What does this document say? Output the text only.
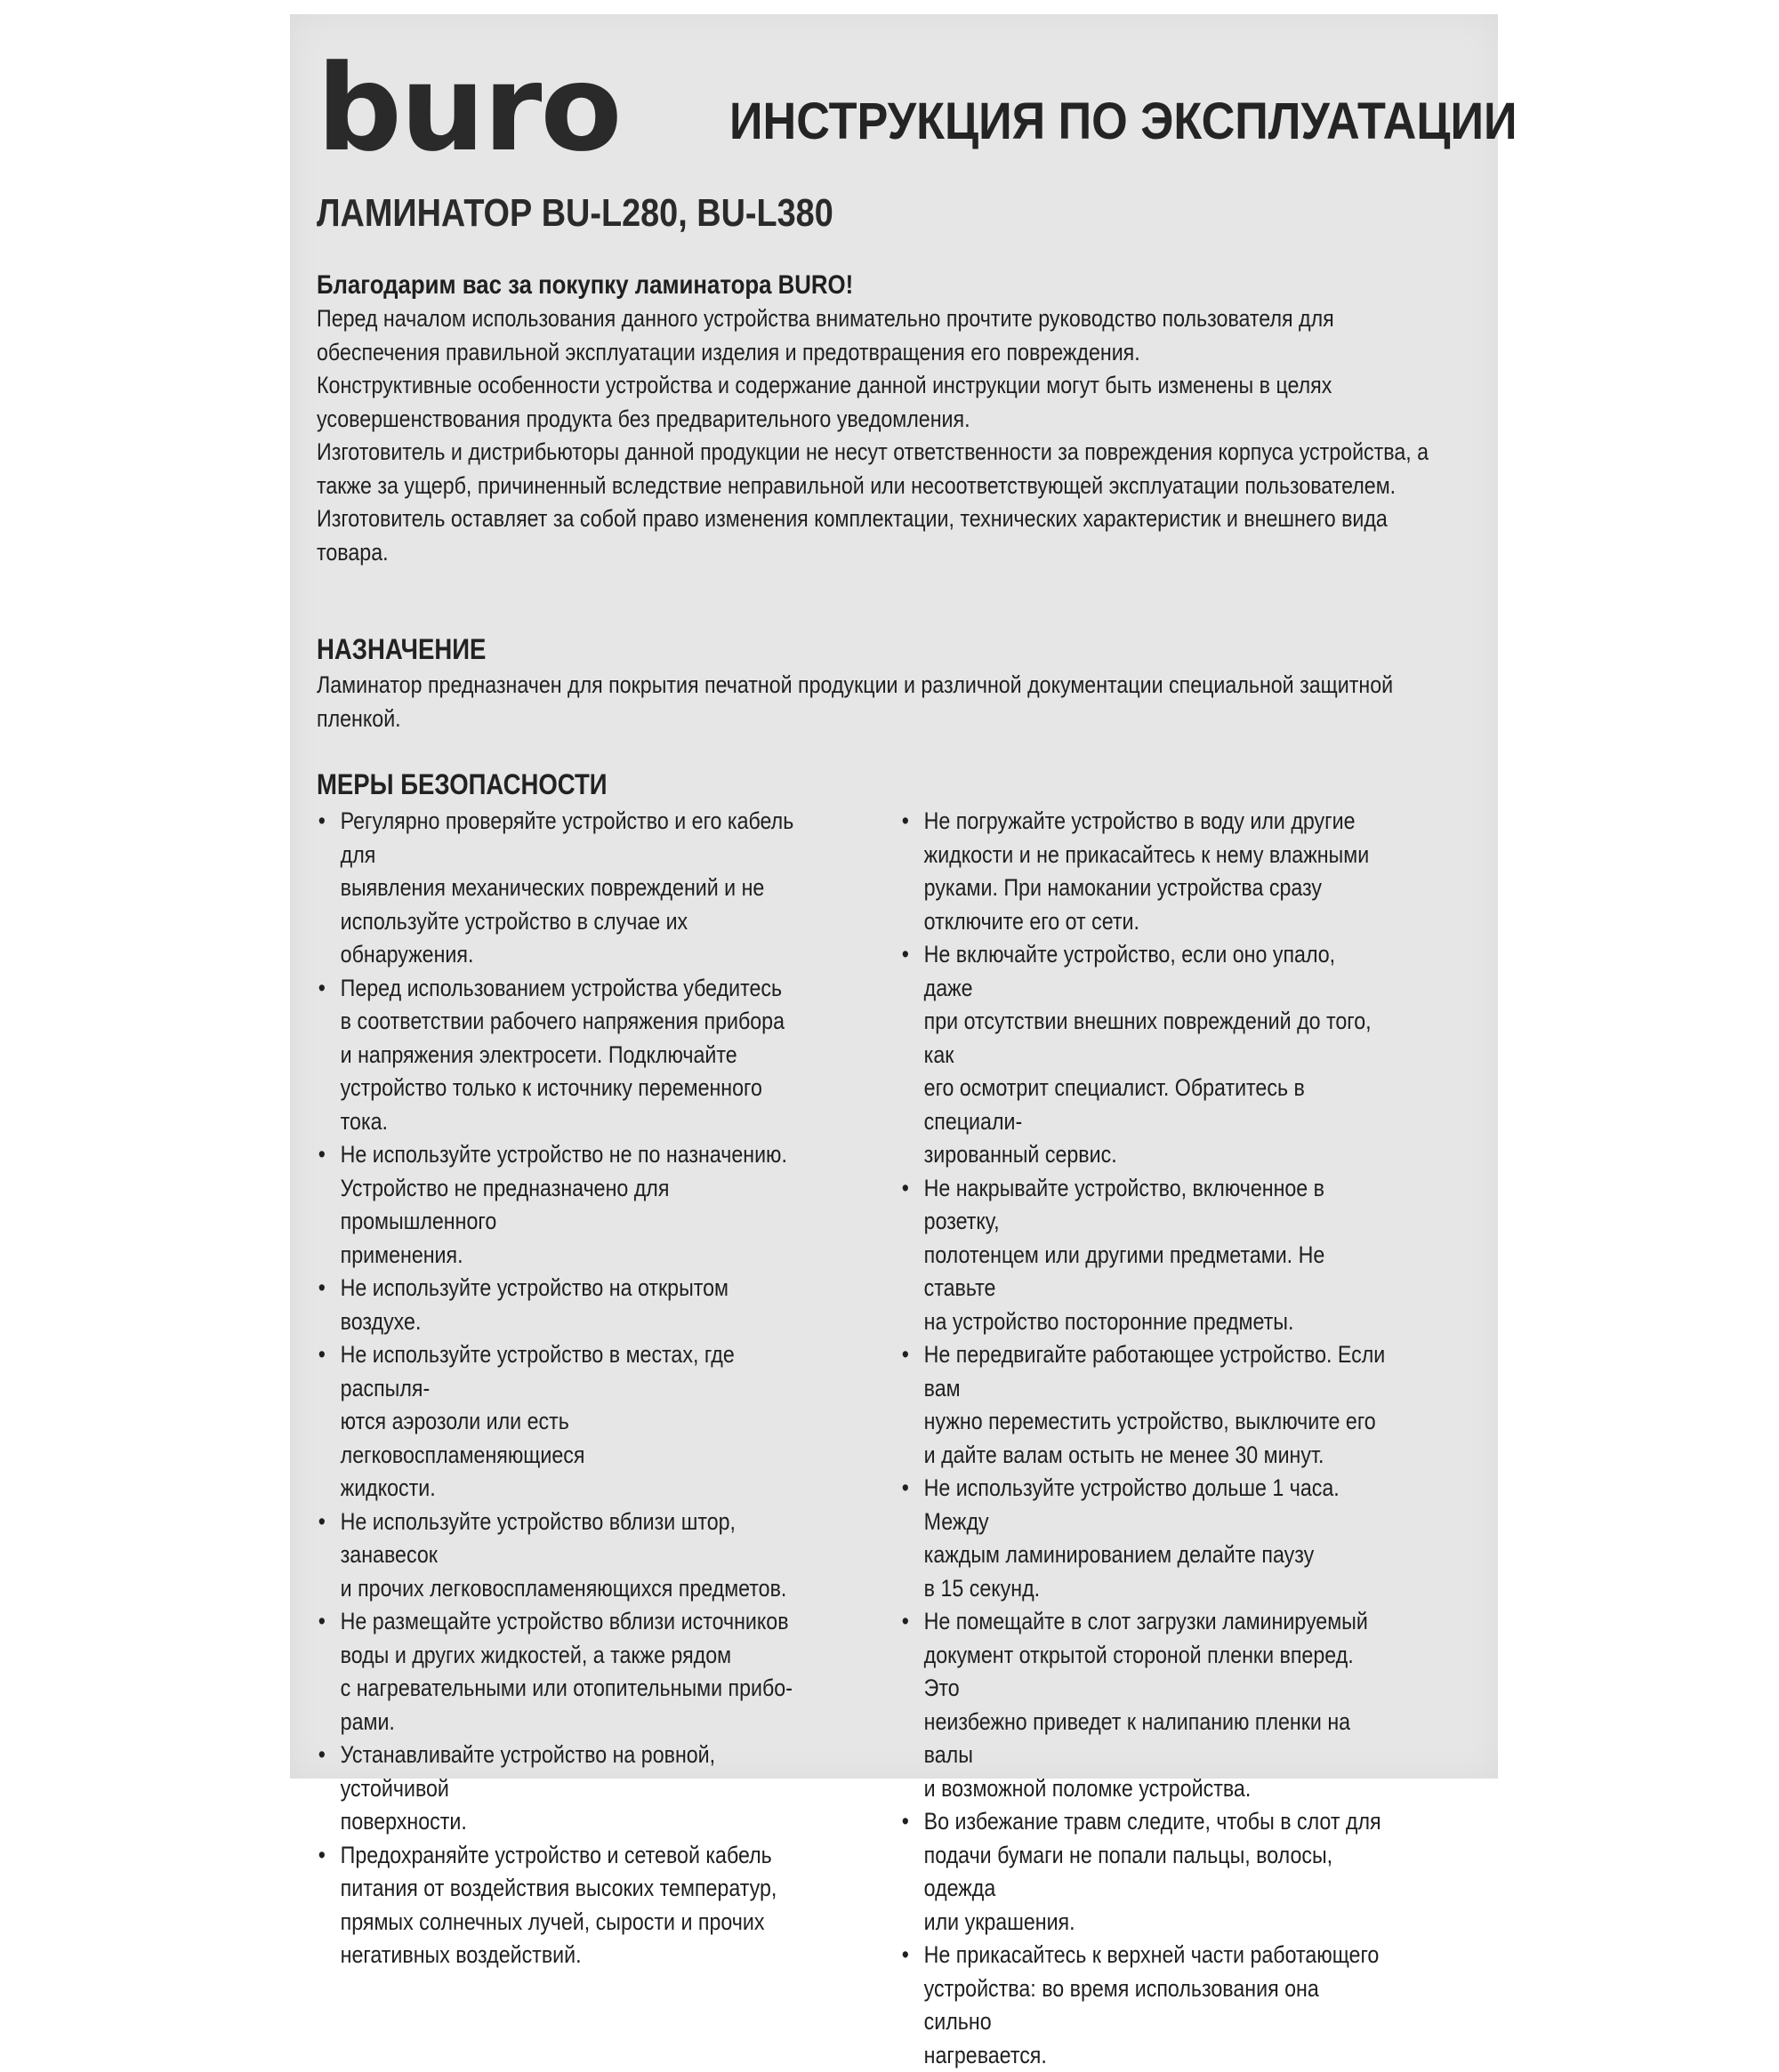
buro ИНСТРУКЦИЯ ПО ЭКСПЛУАТАЦИИ
ЛАМИНАТОР BU-L280, BU-L380
Благодарим вас за покупку ламинатора BURO!

Перед началом использования данного устройства внимательно прочтите руководство пользователя для обеспечения правильной эксплуатации изделия и предотвращения его повреждения.

Конструктивные особенности устройства и содержание данной инструкции могут быть изменены в целях усовершенствования продукта без предварительного уведомления.

Изготовитель и дистрибьюторы данной продукции не несут ответственности за повреждения корпуса устройства, а также за ущерб, причиненный вследствие неправильной или несоответствующей эксплуатации пользователем.

Изготовитель оставляет за собой право изменения комплектации, технических характеристик и внешнего вида товара.

НАЗНАЧЕНИЕ

Ламинатор предназначен для покрытия печатной продукции и различной документации специальной защитной пленкой.

МЕРЫ БЕЗОПАСНОСТИ
• Регулярно проверяйте устройство и его кабель для
выявления механических повреждений и не
используйте устройство в случае их обнаружения.
• Перед использованием устройства убедитесь
в соответствии рабочего напряжения прибора
и напряжения электросети. Подключайте
устройство только к источнику переменного тока.
• Не используйте устройство не по назначению.
Устройство не предназначено для промышленного
применения.
• Не используйте устройство на открытом воздухе.
• Не используйте устройство в местах, где распыля-
ются аэрозоли или есть легковоспламеняющиеся
жидкости.
• Не используйте устройство вблизи штор, занавесок
и прочих легковоспламеняющихся предметов.
• Не размещайте устройство вблизи источников
воды и других жидкостей, а также рядом
с нагревательными или отопительными прибо-
рами.
• Устанавливайте устройство на ровной, устойчивой
поверхности.
• Предохраняйте устройство и сетевой кабель
питания от воздействия высоких температур,
прямых солнечных лучей, сырости и прочих
негативных воздействий.
• Не погружайте устройство в воду или другие
жидкости и не прикасайтесь к нему влажными
руками. При намокании устройства сразу
отключите его от сети.
• Не включайте устройство, если оно упало, даже
при отсутствии внешних повреждений до того, как
его осмотрит специалист. Обратитесь в специали-
зированный сервис.
• Не накрывайте устройство, включенное в розетку,
полотенцем или другими предметами. Не ставьте
на устройство посторонние предметы.
• Не передвигайте работающее устройство. Если вам
нужно переместить устройство, выключите его
и дайте валам остыть не менее 30 минут.
• Не используйте устройство дольше 1 часа. Между
каждым ламинированием делайте паузу
в 15 секунд.
• Не помещайте в слот загрузки ламинируемый
документ открытой стороной пленки вперед. Это
неизбежно приведет к налипанию пленки на валы
и возможной поломке устройства.
• Во избежание травм следите, чтобы в слот для
подачи бумаги не попали пальцы, волосы, одежда
или украшения.
• Не прикасайтесь к верхней части работающего
устройства: во время использования она сильно
нагревается.
